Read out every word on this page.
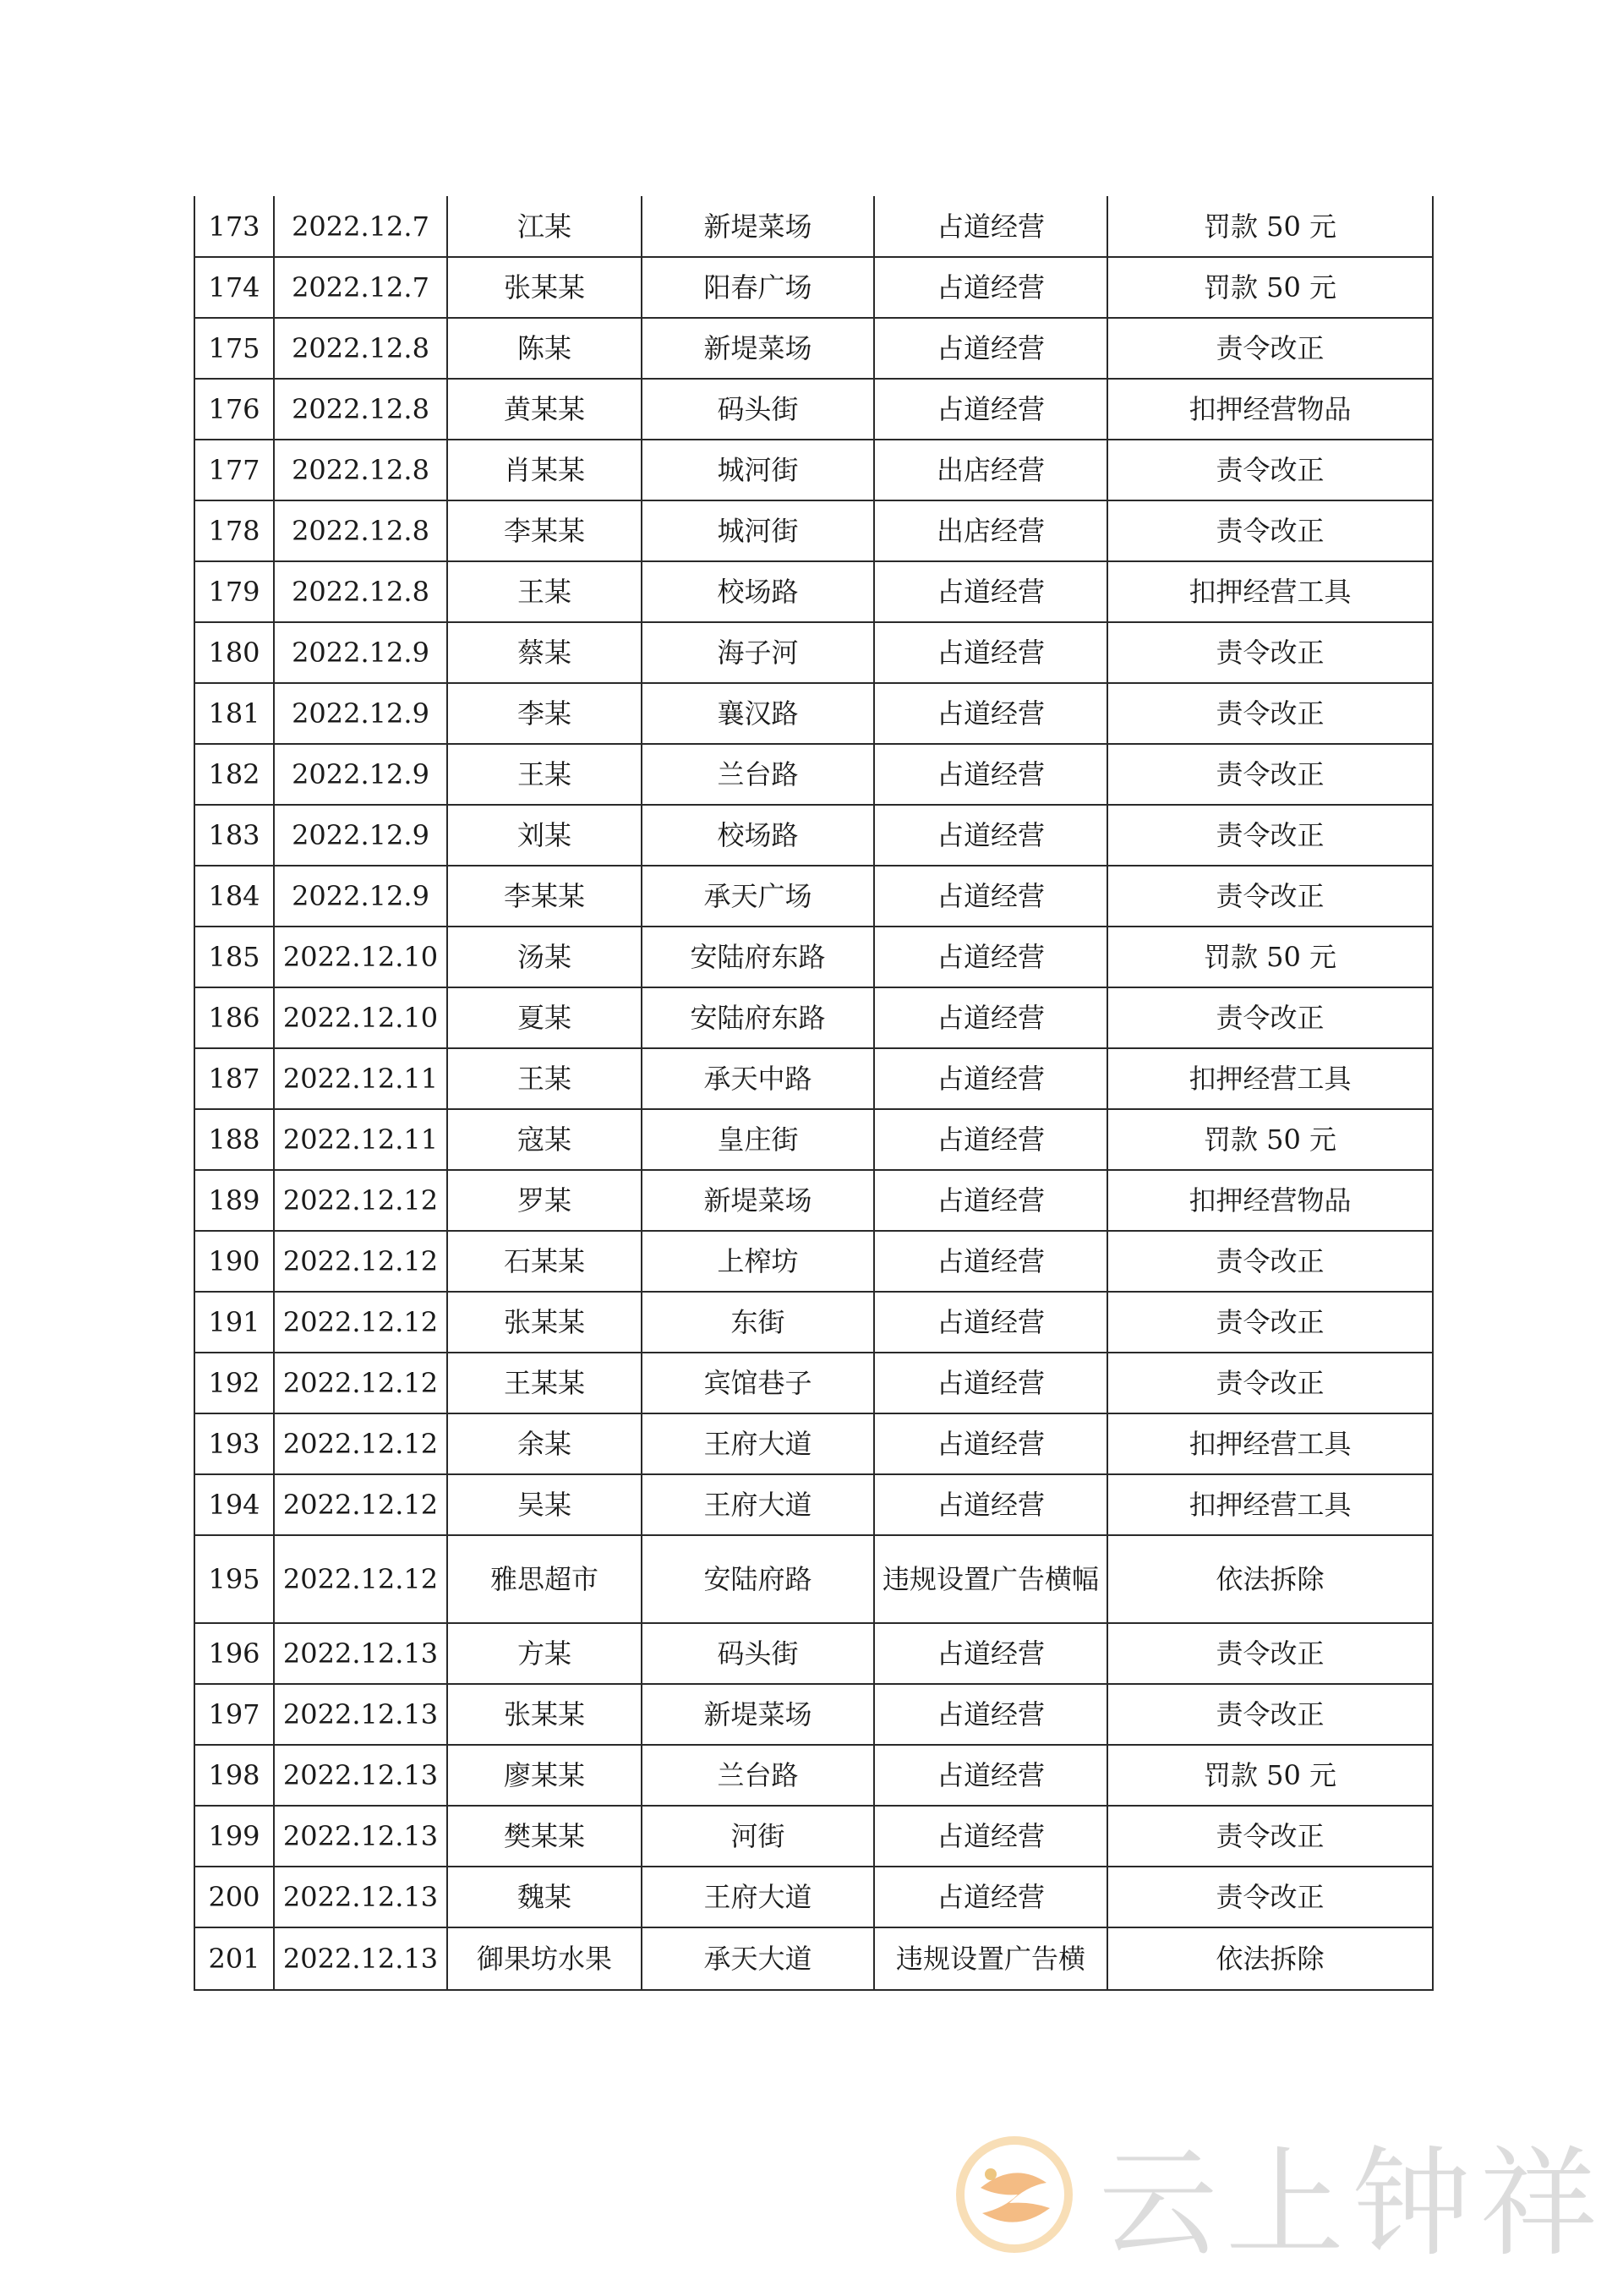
173	2022.12.7	江某	新堤菜场	占道经营	罚款 50 元
174	2022.12.7	张某某	阳春广场	占道经营	罚款 50 元
175	2022.12.8	陈某	新堤菜场	占道经营	责令改正
176	2022.12.8	黄某某	码头街	占道经营	扣押经营物品
177	2022.12.8	肖某某	城河街	出店经营	责令改正
178	2022.12.8	李某某	城河街	出店经营	责令改正
179	2022.12.8	王某	校场路	占道经营	扣押经营工具
180	2022.12.9	蔡某	海子河	占道经营	责令改正
181	2022.12.9	李某	襄汉路	占道经营	责令改正
182	2022.12.9	王某	兰台路	占道经营	责令改正
183	2022.12.9	刘某	校场路	占道经营	责令改正
184	2022.12.9	李某某	承天广场	占道经营	责令改正
185	2022.12.10	汤某	安陆府东路	占道经营	罚款 50 元
186	2022.12.10	夏某	安陆府东路	占道经营	责令改正
187	2022.12.11	王某	承天中路	占道经营	扣押经营工具
188	2022.12.11	寇某	皇庄街	占道经营	罚款 50 元
189	2022.12.12	罗某	新堤菜场	占道经营	扣押经营物品
190	2022.12.12	石某某	上榨坊	占道经营	责令改正
191	2022.12.12	张某某	东街	占道经营	责令改正
192	2022.12.12	王某某	宾馆巷子	占道经营	责令改正
193	2022.12.12	余某	王府大道	占道经营	扣押经营工具
194	2022.12.12	吴某	王府大道	占道经营	扣押经营工具
195	2022.12.12	雅思超市	安陆府路	违规设置广告横幅	依法拆除
196	2022.12.13	方某	码头街	占道经营	责令改正
197	2022.12.13	张某某	新堤菜场	占道经营	责令改正
198	2022.12.13	廖某某	兰台路	占道经营	罚款 50 元
199	2022.12.13	樊某某	河街	占道经营	责令改正
200	2022.12.13	魏某	王府大道	占道经营	责令改正
201	2022.12.13	御果坊水果	承天大道	违规设置广告横	依法拆除
云上钟祥
